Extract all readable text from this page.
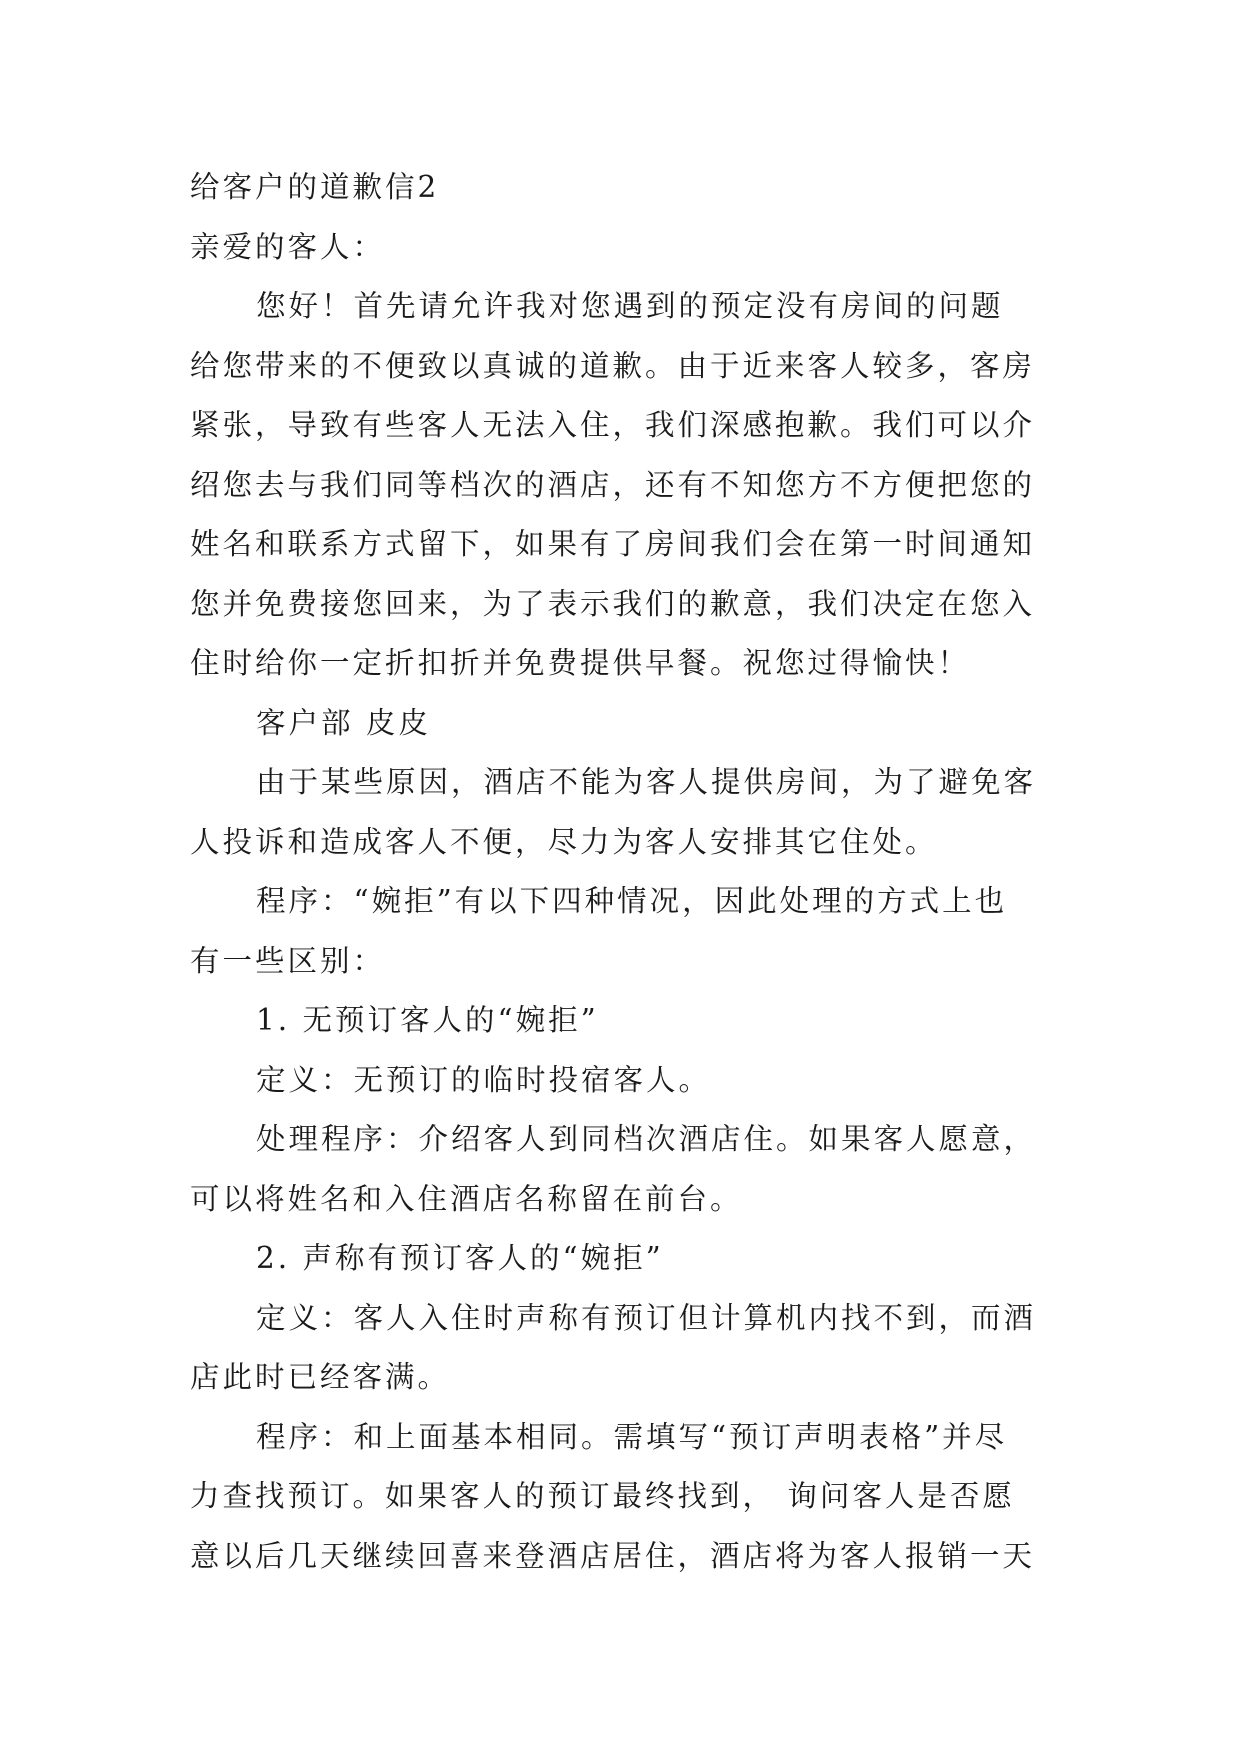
给客户的道歉信2
亲爱的客人：
您好！首先请允许我对您遇到的预定没有房间的问题
给您带来的不便致以真诚的道歉。由于近来客人较多，客房
紧张，导致有些客人无法入住，我们深感抱歉。我们可以介
绍您去与我们同等档次的酒店，还有不知您方不方便把您的
姓名和联系方式留下，如果有了房间我们会在第一时间通知
您并免费接您回来，为了表示我们的歉意，我们决定在您入
住时给你一定折扣折并免费提供早餐。祝您过得愉快！
客户部 皮皮
由于某些原因，酒店不能为客人提供房间，为了避免客
人投诉和造成客人不便，尽力为客人安排其它住处。
程序：“婉拒”有以下四种情况，因此处理的方式上也
有一些区别：
1. 无预订客人的“婉拒”
定义：无预订的临时投宿客人。
处理程序：介绍客人到同档次酒店住。如果客人愿意，
可以将姓名和入住酒店名称留在前台。
2. 声称有预订客人的“婉拒”
定义：客人入住时声称有预订但计算机内找不到，而酒
店此时已经客满。
程序：和上面基本相同。需填写“预订声明表格”并尽
力查找预订。如果客人的预订最终找到， 询问客人是否愿
意以后几天继续回喜来登酒店居住，酒店将为客人报销一天
